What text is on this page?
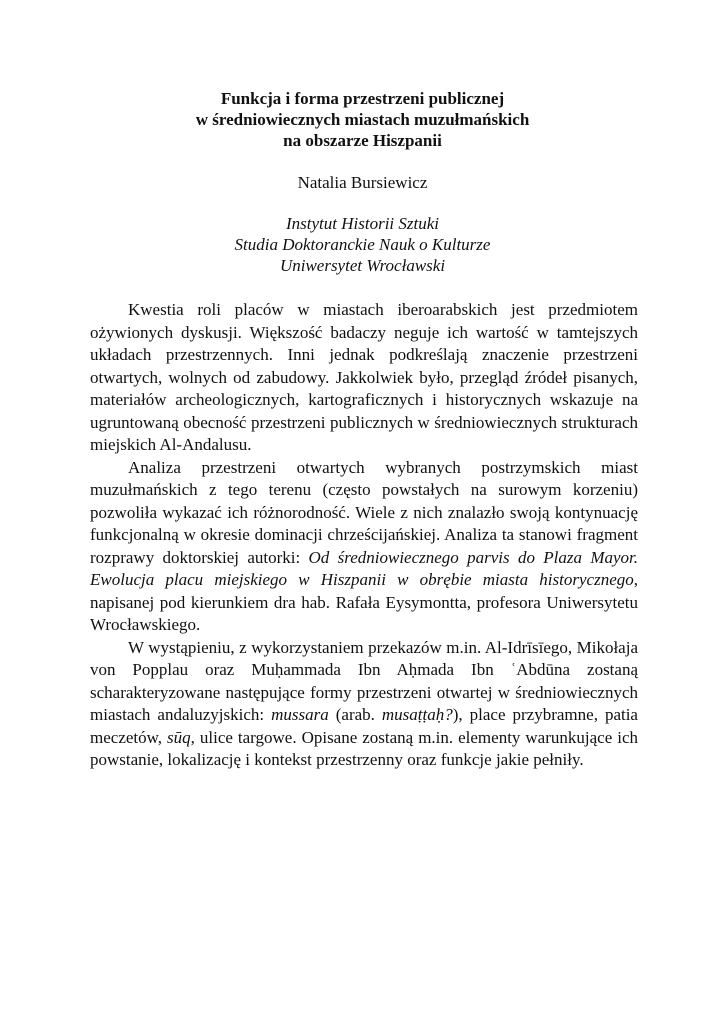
Funkcja i forma przestrzeni publicznej
w średniowiecznych miastach muzułmańskich
na obszarze Hiszpanii
Natalia Bursiewicz
Instytut Historii Sztuki
Studia Doktoranckie Nauk o Kulturze
Uniwersytet Wrocławski

Kwestia roli placów w miastach iberoarabskich jest przedmiotem ożywionych dyskusji. Większość badaczy neguje ich wartość w tamtejszych układach przestrzennych. Inni jednak podkreślają znaczenie przestrzeni otwartych, wolnych od zabudowy. Jakkolwiek było, przegląd źródeł pisanych, materiałów archeologicznych, kartograficznych i historycznych wskazuje na ugruntowaną obecność przestrzeni publicznych w średniowiecznych strukturach miejskich Al-Andalusu.

Analiza przestrzeni otwartych wybranych postrzymskich miast muzułmańskich z tego terenu (często powstałych na surowym korzeniu) pozwoliła wykazać ich różnorodność. Wiele z nich znalazło swoją kontynuację funkcjonalną w okresie dominacji chrześcijańskiej. Analiza ta stanowi fragment rozprawy doktorskiej autorki: Od średniowiecznego parvis do Plaza Mayor. Ewolucja placu miejskiego w Hiszpanii w obrębie miasta historycznego, napisanej pod kierunkiem dra hab. Rafała Eysymontta, profesora Uniwersytetu Wrocławskiego.

W wystąpieniu, z wykorzystaniem przekazów m.in. Al-Idrīsīego, Mikołaja von Popplau oraz Muḥammada Ibn Aḥmada Ibn ʿAbdūna zostaną scharakteryzowane następujące formy przestrzeni otwartej w średniowiecznych miastach andaluzyjskich: mussara (arab. musaṭṭaḥ?), place przybramne, patia meczetów, sūq, ulice targowe. Opisane zostaną m.in. elementy warunkujące ich powstanie, lokalizację i kontekst przestrzenny oraz funkcje jakie pełniły.
